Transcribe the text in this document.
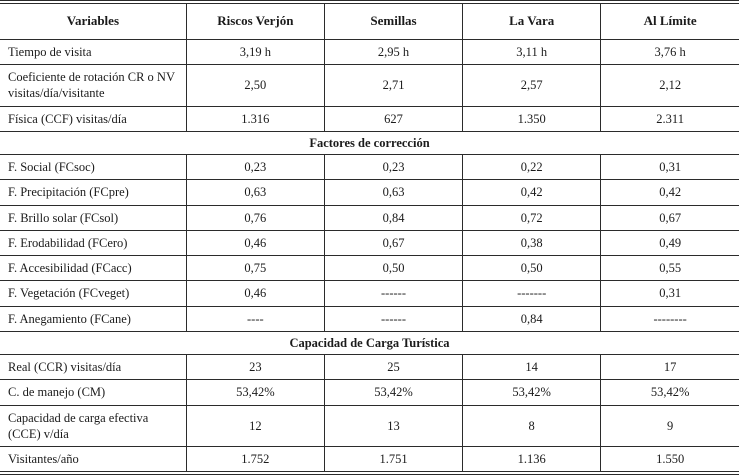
Variables	Riscos Verjón	Semillas	La Vara	Al Límite
Tiempo de visita	3,19 h	2,95 h	3,11 h	3,76 h
Coeficiente de rotación CR o NV visitas/día/visitante	2,50	2,71	2,57	2,12
Física (CCF) visitas/día	1.316	627	1.350	2.311
Factores de corrección				
F. Social (FCsoc)	0,23	0,23	0,22	0,31
F. Precipitación (FCpre)	0,63	0,63	0,42	0,42
F. Brillo solar (FCsol)	0,76	0,84	0,72	0,67
F. Erodabilidad (FCero)	0,46	0,67	0,38	0,49
F. Accesibilidad (FCacc)	0,75	0,50	0,50	0,55
F. Vegetación (FCveget)	0,46	------	-------	0,31
F. Anegamiento (FCane)	----	------	0,84	--------
Capacidad de Carga Turística				
Real (CCR) visitas/día	23	25	14	17
C. de manejo (CM)	53,42%	53,42%	53,42%	53,42%
Capacidad de carga efectiva (CCE) v/día	12	13	8	9
Visitantes/año	1.752	1.751	1.136	1.550
